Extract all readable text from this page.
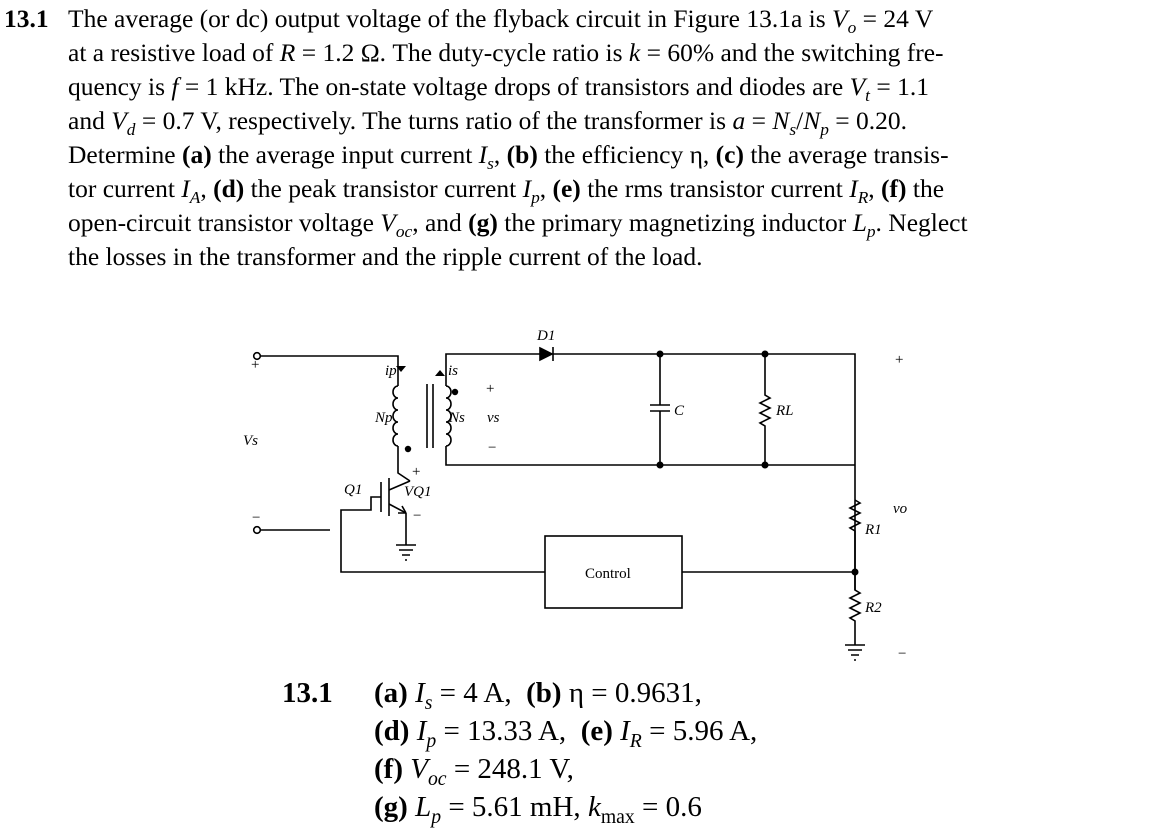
13.1 The average (or dc) output voltage of the flyback circuit in Figure 13.1a is $V_o = 24$ V
at a resistive load of R = 1.2 Ω. The duty-cycle ratio is k = 60% and the switching fre-
quency is f = 1 kHz. The on-state voltage drops of transistors and diodes are $V_t = 1.1$
and $V_d = 0.7$ V, respectively. The turns ratio of the transformer is $a = N_s/N_p = 0.20$.
Determine (a) the average input current $I_s$, (b) the efficiency η, (c) the average transis-
tor current $I_A$, (d) the peak transistor current $I_p$, (e) the rms transistor current $I_R$, (f) the
open-circuit transistor voltage $V_{oc}$, and (g) the primary magnetizing inductor $L_p$. Neglect
the losses in the transformer and the ripple current of the load.
+
−
Vs
ip	is
Np	Ns
+
vs
−
D1
C	RL
Q1
+
VQ1
−
+
vo
R1
R2
−
Control
13.1 (a) $I_s = 4$ A,  (b) η = 0.9631,
(d) $I_p = 13.33$ A,  (e) $I_R = 5.96$ A,
(f) $V_{oc} = 248.1$ V,
(g) $L_p = 5.61$ mH, $k_{max} = 0.6$
